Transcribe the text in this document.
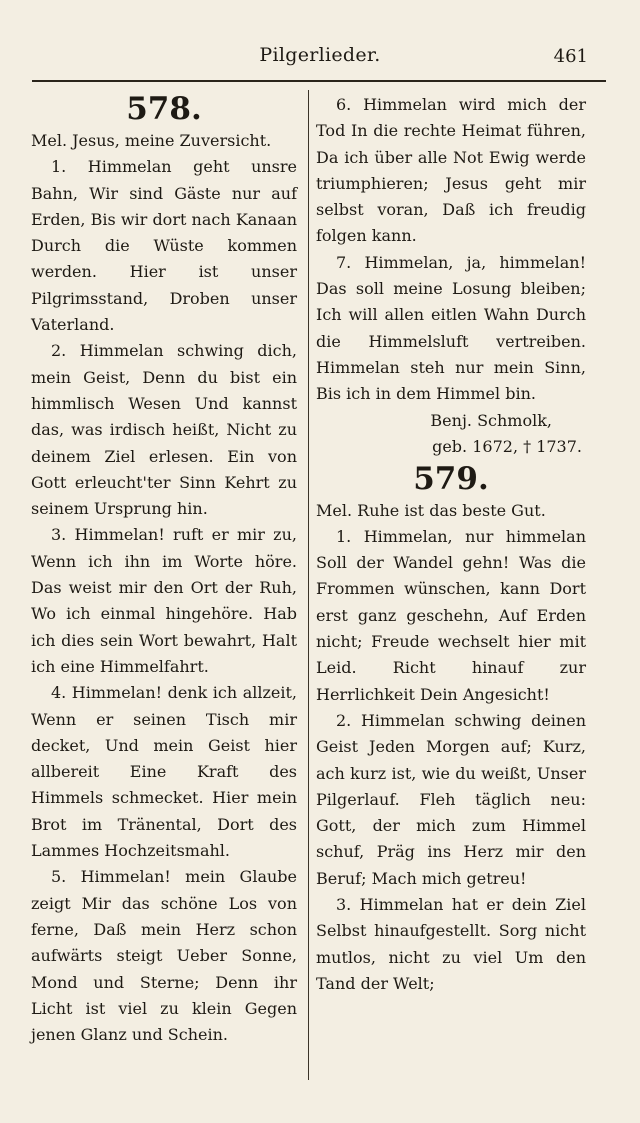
Pilgerlieder.	461

578.

Mel. Jesus, meine Zuversicht.

1. Himmelan geht unsre Bahn, Wir sind Gäste nur auf Erden, Bis wir dort nach Kanaan Durch die Wüste kommen werden. Hier ist unser Pilgrimsstand, Droben unser Vaterland.

2. Himmelan schwing dich, mein Geist, Denn du bist ein himmlisch Wesen Und kannst das, was irdisch heißt, Nicht zu deinem Ziel erlesen. Ein von Gott erleucht'ter Sinn Kehrt zu seinem Ursprung hin.

3. Himmelan! ruft er mir zu, Wenn ich ihn im Worte höre. Das weist mir den Ort der Ruh, Wo ich einmal hingehöre. Hab ich dies sein Wort bewahrt, Halt ich eine Himmelfahrt.

4. Himmelan! denk ich allzeit, Wenn er seinen Tisch mir decket, Und mein Geist hier allbereit Eine Kraft des Himmels schmecket. Hier mein Brot im Tränental, Dort des Lammes Hochzeitsmahl.

5. Himmelan! mein Glaube zeigt Mir das schöne Los von ferne, Daß mein Herz schon aufwärts steigt Ueber Sonne, Mond und Sterne; Denn ihr Licht ist viel zu klein Gegen jenen Glanz und Schein.

6. Himmelan wird mich der Tod In die rechte Heimat führen, Da ich über alle Not Ewig werde triumphieren; Jesus geht mir selbst voran, Daß ich freudig folgen kann.

7. Himmelan, ja, himmelan! Das soll meine Losung bleiben; Ich will allen eitlen Wahn Durch die Himmelsluft vertreiben. Himmelan steh nur mein Sinn, Bis ich in dem Himmel bin.

Benj. Schmolk,
geb. 1672, † 1737.

579.

Mel. Ruhe ist das beste Gut.

1. Himmelan, nur himmelan Soll der Wandel gehn! Was die Frommen wünschen, kann Dort erst ganz geschehn, Auf Erden nicht; Freude wechselt hier mit Leid. Richt hinauf zur Herrlichkeit Dein Angesicht!

2. Himmelan schwing deinen Geist Jeden Morgen auf; Kurz, ach kurz ist, wie du weißt, Unser Pilgerlauf. Fleh täglich neu: Gott, der mich zum Himmel schuf, Präg ins Herz mir den Beruf; Mach mich getreu!

3. Himmelan hat er dein Ziel Selbst hinaufgestellt. Sorg nicht mutlos, nicht zu viel Um den Tand der Welt;
